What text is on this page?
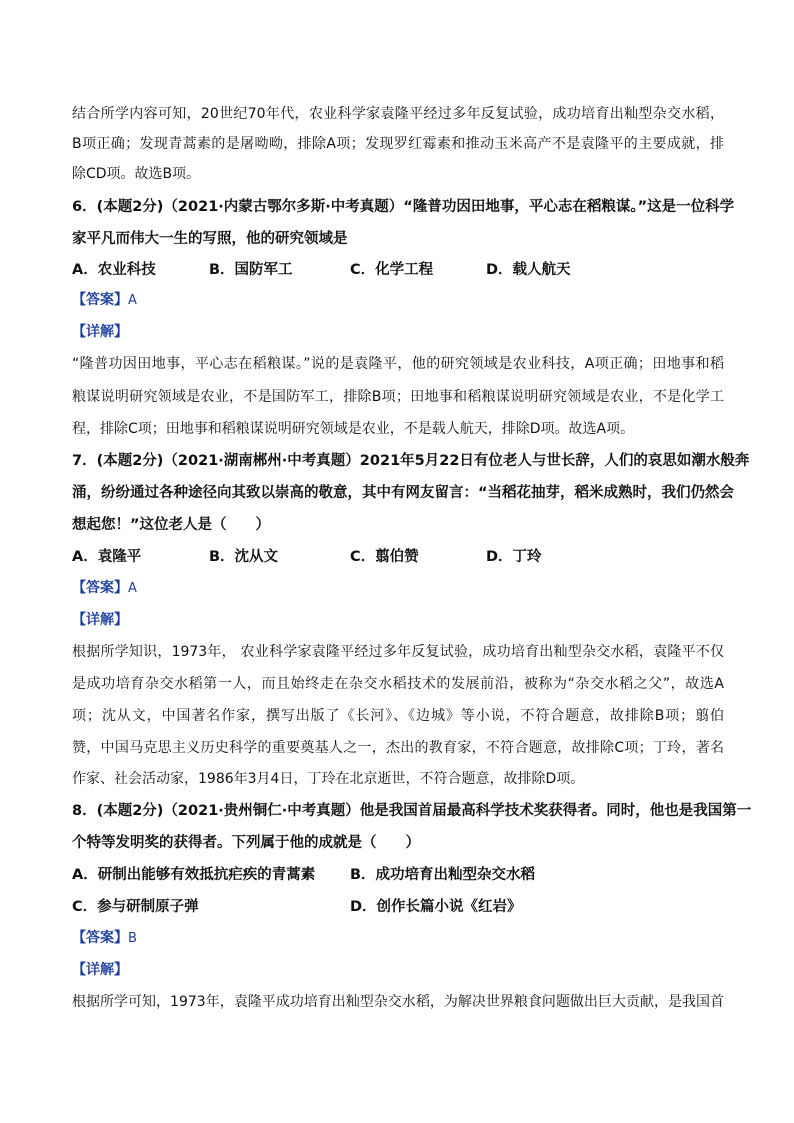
结合所学内容可知，20世纪70年代，农业科学家袁隆平经过多年反复试验，成功培育出籼型杂交水稻，
B项正确；发现青蒿素的是屠呦呦，排除A项；发现罗红霉素和推动玉米高产不是袁隆平的主要成就，排
除CD项。故选B项。
6．(本题2分)（2021·内蒙古鄂尔多斯·中考真题）“隆普功因田地事，平心志在稻粮谋。”这是一位科学
家平凡而伟大一生的写照，他的研究领域是
A．农业科技	B．国防军工	C．化学工程	D．载人航天
【答案】A
【详解】
“隆普功因田地事，平心志在稻粮谋。”说的是袁隆平，他的研究领域是农业科技，A项正确；田地事和稻
粮谋说明研究领域是农业，不是国防军工，排除B项；田地事和稻粮谋说明研究领域是农业，不是化学工
程，排除C项；田地事和稻粮谋说明研究领域是农业，不是载人航天，排除D项。故选A项。
7．(本题2分)（2021·湖南郴州·中考真题）2021年5月22日有位老人与世长辞，人们的哀思如潮水般奔
涌，纷纷通过各种途径向其致以崇高的敬意，其中有网友留言：“当稻花抽芽，稻米成熟时，我们仍然会
想起您！”这位老人是（　　）
A．袁隆平	B．沈从文	C．翦伯赞	D．丁玲
【答案】A
【详解】
根据所学知识，1973年， 农业科学家袁隆平经过多年反复试验，成功培育出籼型杂交水稻，袁隆平不仅
是成功培育杂交水稻第一人，而且始终走在杂交水稻技术的发展前沿，被称为“杂交水稻之父”，故选A
项；沈从文，中国著名作家，撰写出版了《长河》、《边城》等小说，不符合题意，故排除B项；翦伯
赞，中国马克思主义历史科学的重要奠基人之一，杰出的教育家，不符合题意，故排除C项；丁玲，著名
作家、社会活动家，1986年3月4日，丁玲在北京逝世，不符合题意，故排除D项。
8．(本题2分)（2021·贵州铜仁·中考真题）他是我国首届最高科学技术奖获得者。同时，他也是我国第一
个特等发明奖的获得者。下列属于他的成就是（　　）
A．研制出能够有效抵抗疟疾的青蒿素 B．成功培育出籼型杂交水稻
C．参与研制原子弹	D．创作长篇小说《红岩》
【答案】B
【详解】
根据所学可知，1973年，袁隆平成功培育出籼型杂交水稻，为解决世界粮食问题做出巨大贡献，是我国首
